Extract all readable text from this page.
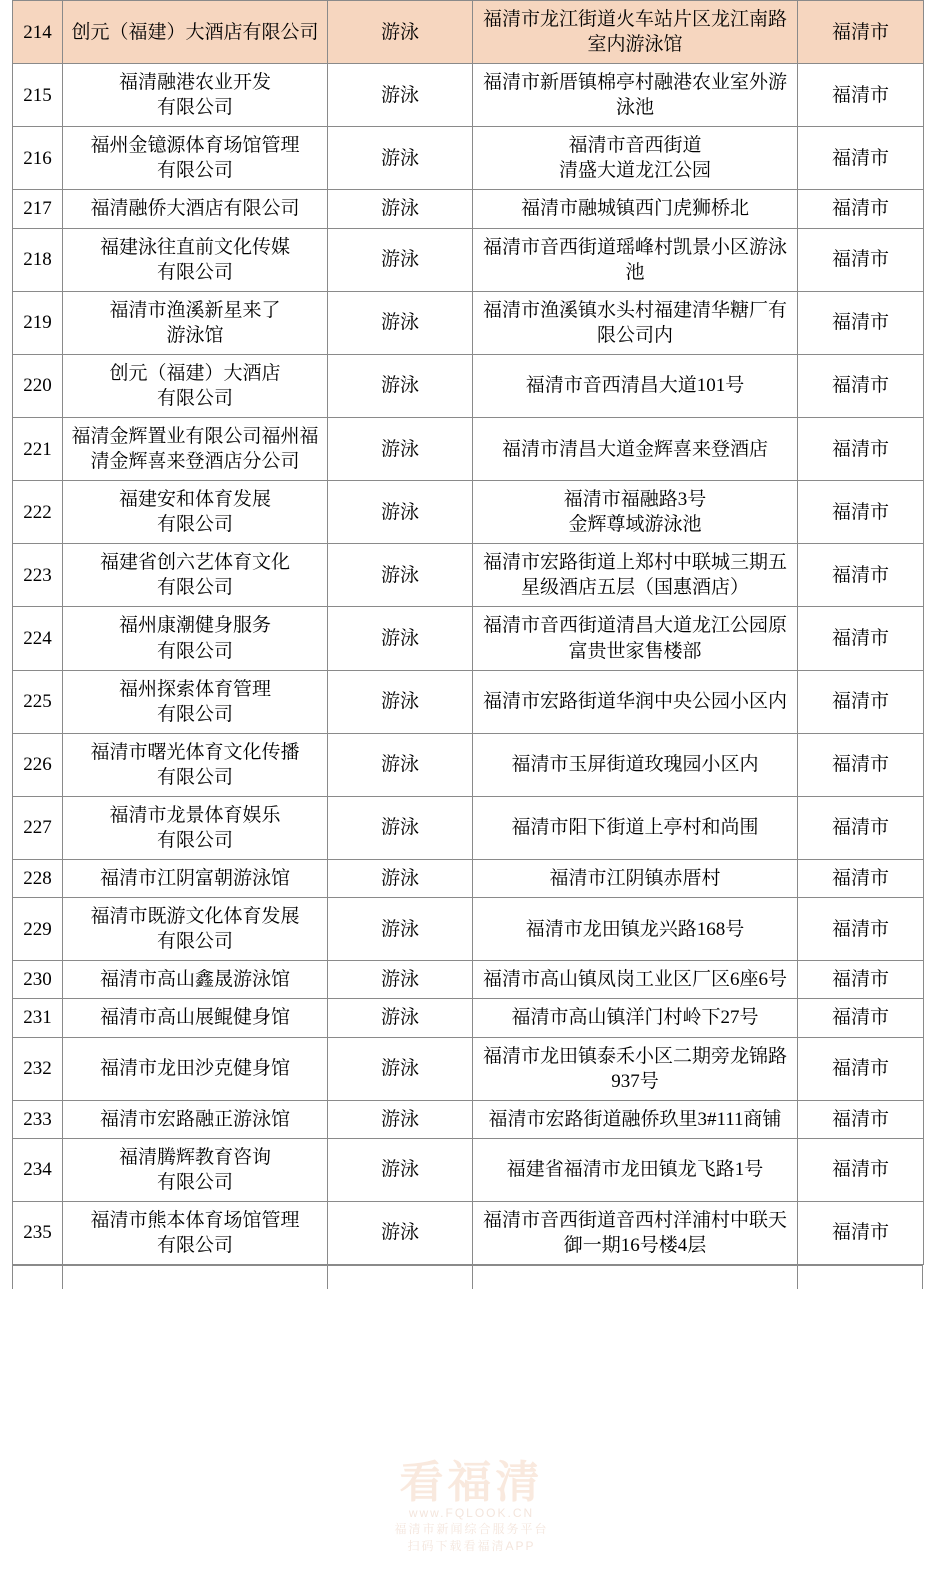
214	创元（福建）大酒店有限公司	游泳	福清市龙江街道火车站片区龙江南路室内游泳馆	福清市
215	福清融港农业开发
有限公司	游泳	福清市新厝镇棉亭村融港农业室外游泳池	福清市
216	福州金镱源体育场馆管理
有限公司	游泳	福清市音西街道
清盛大道龙江公园	福清市
217	福清融侨大酒店有限公司	游泳	福清市融城镇西门虎狮桥北	福清市
218	福建泳往直前文化传媒
有限公司	游泳	福清市音西街道瑶峰村凯景小区游泳池	福清市
219	福清市渔溪新星来了
游泳馆	游泳	福清市渔溪镇水头村福建清华糖厂有限公司内	福清市
220	创元（福建）大酒店
有限公司	游泳	福清市音西清昌大道101号	福清市
221	福清金辉置业有限公司福州福清金辉喜来登酒店分公司	游泳	福清市清昌大道金辉喜来登酒店	福清市
222	福建安和体育发展
有限公司	游泳	福清市福融路3号
金辉尊域游泳池	福清市
223	福建省创六艺体育文化
有限公司	游泳	福清市宏路街道上郑村中联城三期五星级酒店五层（国惠酒店）	福清市
224	福州康潮健身服务
有限公司	游泳	福清市音西街道清昌大道龙江公园原富贵世家售楼部	福清市
225	福州探索体育管理
有限公司	游泳	福清市宏路街道华润中央公园小区内	福清市
226	福清市曙光体育文化传播
有限公司	游泳	福清市玉屏街道玫瑰园小区内	福清市
227	福清市龙景体育娱乐
有限公司	游泳	福清市阳下街道上亭村和尚围	福清市
228	福清市江阴富朝游泳馆	游泳	福清市江阴镇赤厝村	福清市
229	福清市既游文化体育发展
有限公司	游泳	福清市龙田镇龙兴路168号	福清市
230	福清市高山鑫晟游泳馆	游泳	福清市高山镇凤岗工业区厂区6座6号	福清市
231	福清市高山展鲲健身馆	游泳	福清市高山镇洋门村岭下27号	福清市
232	福清市龙田沙克健身馆	游泳	福清市龙田镇泰禾小区二期旁龙锦路937号	福清市
233	福清市宏路融正游泳馆	游泳	福清市宏路街道融侨玖里3#111商铺	福清市
234	福清腾辉教育咨询
有限公司	游泳	福建省福清市龙田镇龙飞路1号	福清市
235	福清市熊本体育场馆管理
有限公司	游泳	福清市音西街道音西村洋浦村中联天御一期16号楼4层	福清市
看福清
www.FQLOOK.CN
福清市新闻综合服务平台
扫码下载看福清APP
